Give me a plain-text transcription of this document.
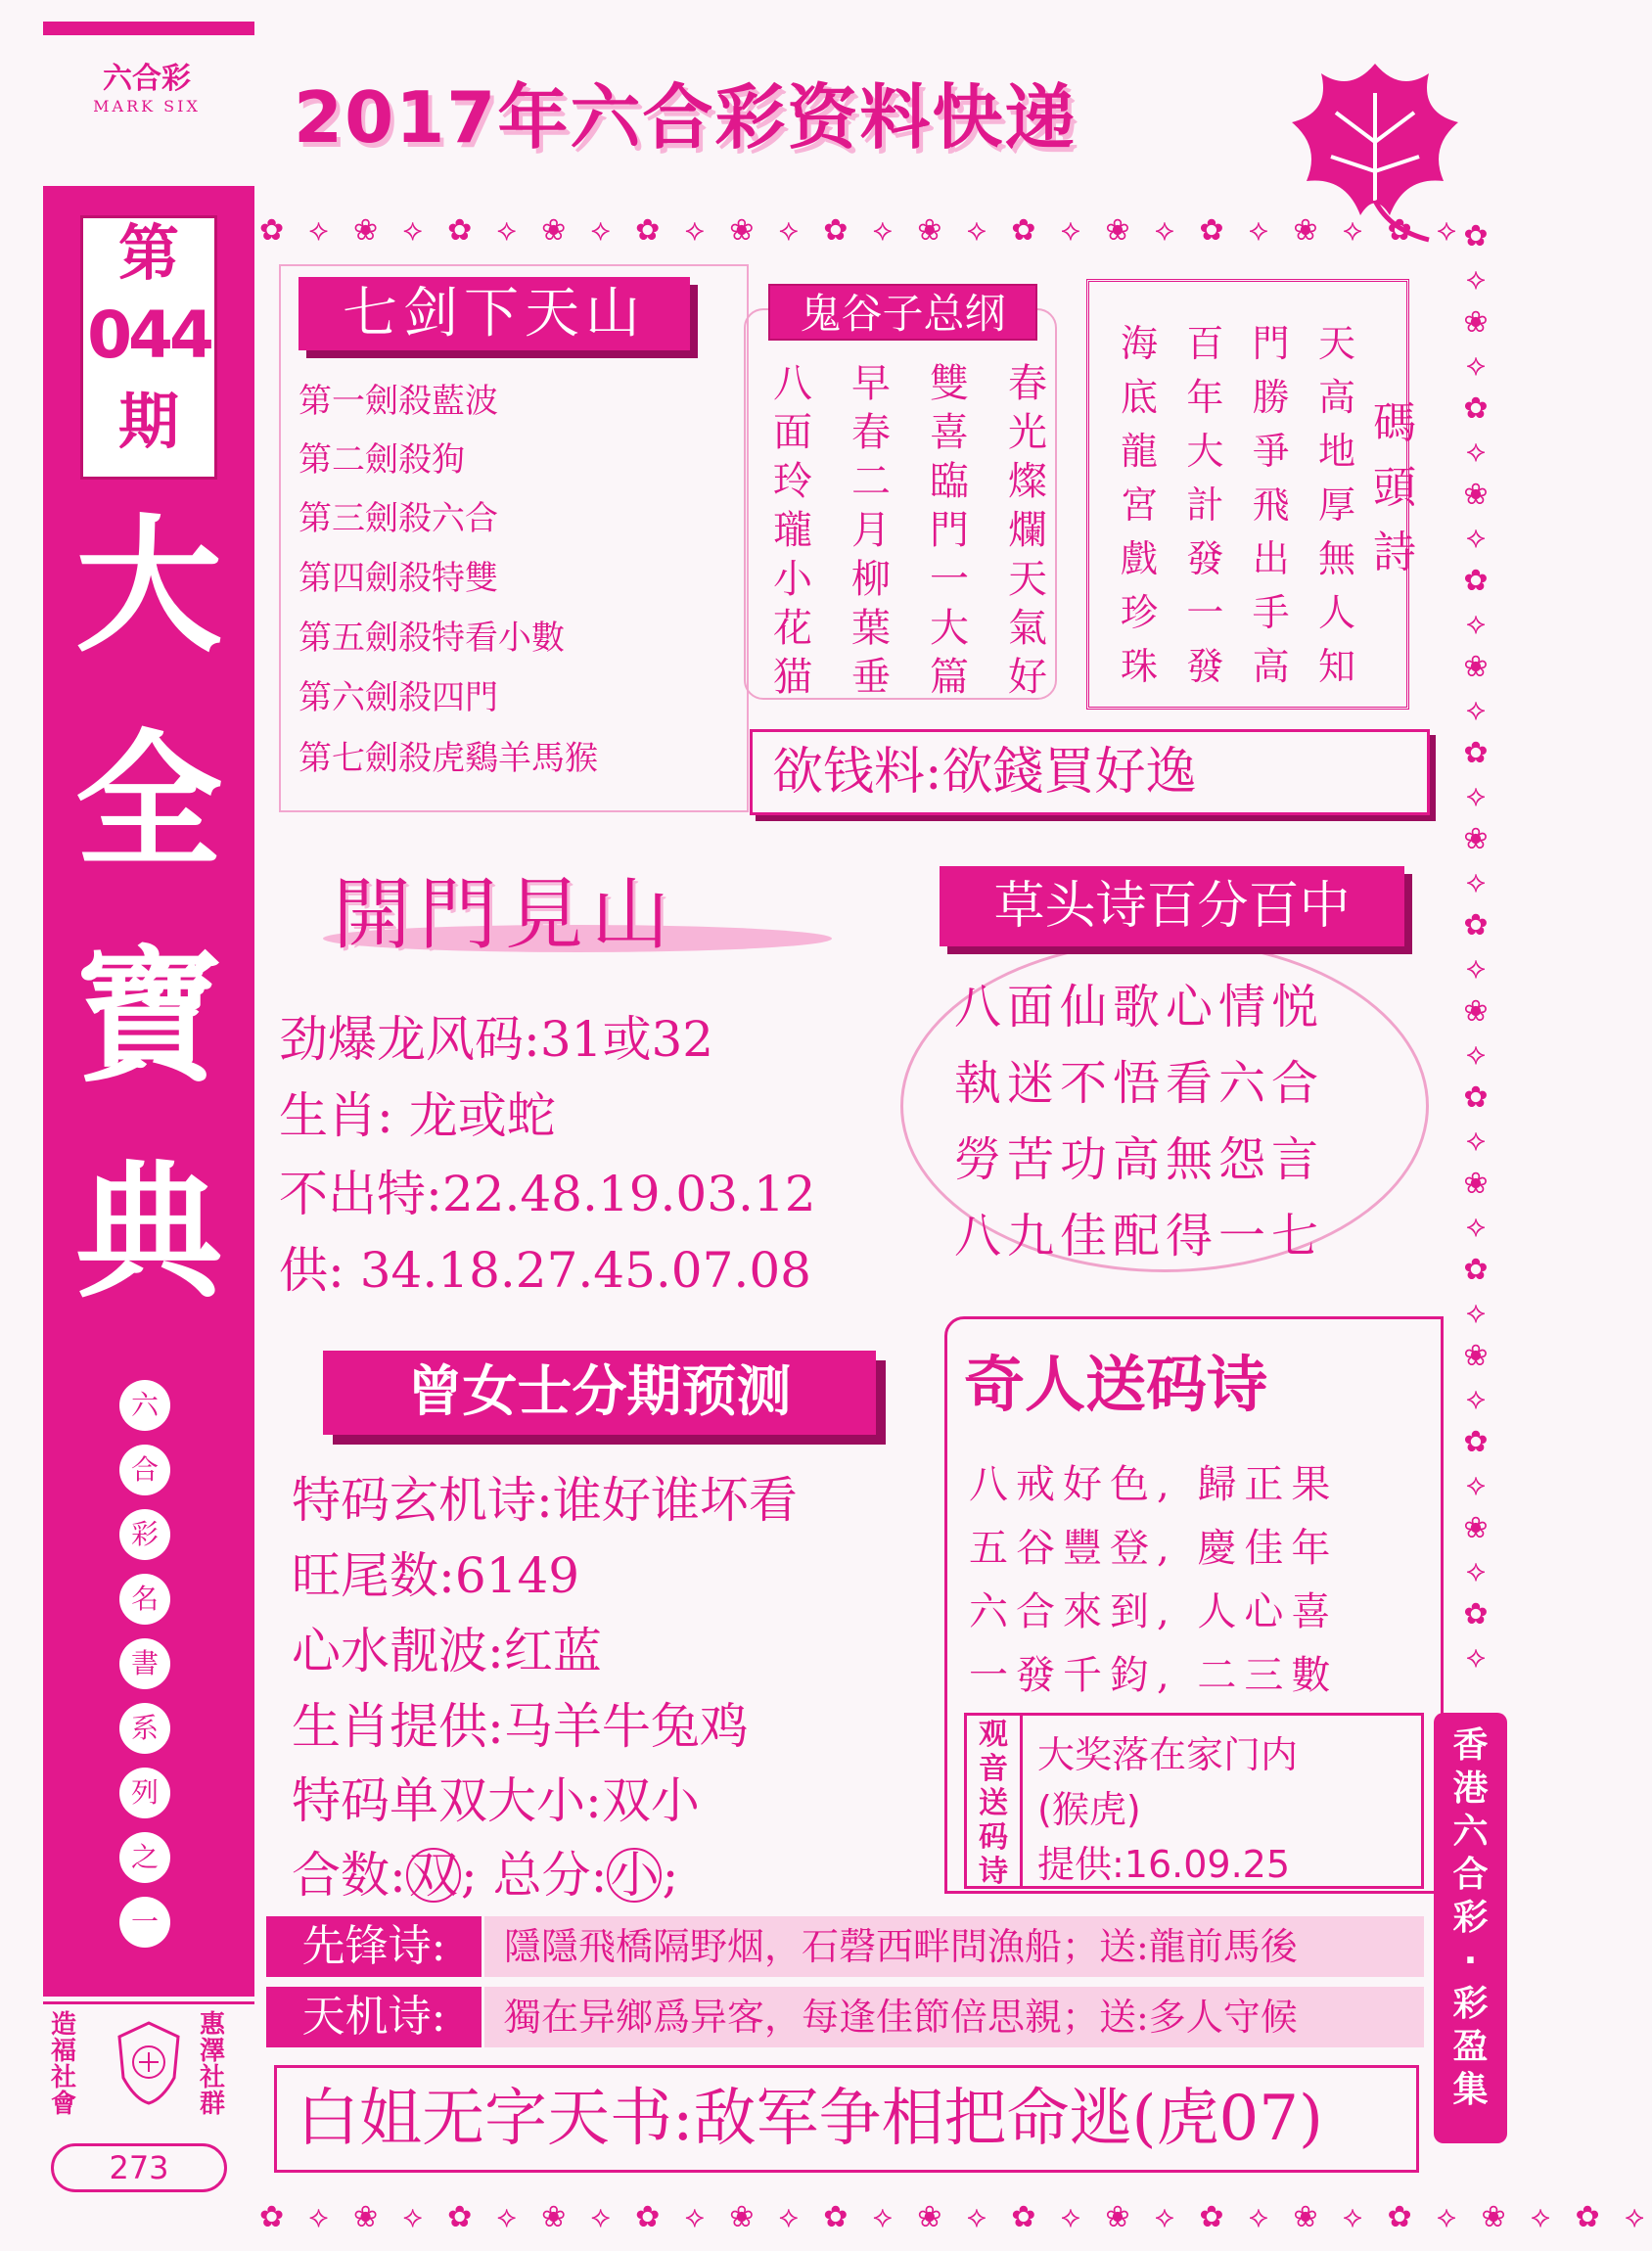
六合彩
MARK SIX
第
044
期
大
全
寶
典
六
合
彩
名
書
系
列
之
一
造
福
社
會
惠
澤
社
群
273
2017年六合彩资料快递
✿ ⟡ ❀ ⟡ ✿ ⟡ ❀ ⟡ ✿ ⟡ ❀ ⟡ ✿ ⟡ ❀ ⟡ ✿ ⟡ ❀ ⟡ ✿ ⟡ ❀ ⟡ ✿ ⟡ ✿
⟡
❀
⟡
✿
⟡
❀
⟡
✿
⟡
❀
⟡
✿
⟡
❀
⟡
✿
⟡
❀
⟡
✿
⟡
❀
⟡
✿
⟡
❀
⟡
✿
⟡
❀
⟡
✿
⟡
✿ ⟡ ❀ ⟡ ✿ ⟡ ❀ ⟡ ✿ ⟡ ❀ ⟡ ✿ ⟡ ❀ ⟡ ✿ ⟡ ❀ ⟡ ✿ ⟡ ❀ ⟡ ✿ ⟡ ❀ ⟡ ✿ ⟡
七剑下天山
第一劍殺藍波
第二劍殺狗
第三劍殺六合
第四劍殺特雙
第五劍殺特看小數
第六劍殺四門
第七劍殺虎鷄羊馬猴
鬼谷子总纲
八 早 雙 春
面 春 喜 光
玲 二 臨 燦
瓏 月 門 爛
小 柳 一 天
花 葉 大 氣
猫 垂 篇 好
海 百 門 天
底 年 勝 高
龍 大 爭 地
宮 計 飛 厚
戲 發 出 無
珍 一 手 人
珠 發 高 知
碼
頭
詩
欲钱料:欲錢買好逸
開門見山
劲爆龙风码:31或32
生肖: 龙或蛇
不出特:22.48.19.03.12
供: 34.18.27.45.07.08
草头诗百分百中
八面仙歌心情悦
執迷不悟看六合
勞苦功高無怨言
八九佳配得一七
奇人送码诗
八戒好色, 歸正果
五谷豐登, 慶佳年
六合來到, 人心喜
一發千鈞, 二三數
观音送码诗
大奖落在家门内
(猴虎)
提供:16.09.25
曾女士分期预测
特码玄机诗:谁好谁坏看
旺尾数:6149
心水靓波:红蓝
生肖提供:马羊牛兔鸡
特码单双大小:双小
合数:双; 总分:小;
先锋诗:	隱隱飛橋隔野烟，石磬西畔問漁船；送:龍前馬後
天机诗:	獨在异鄉爲异客，每逢佳節倍思親；送:多人守候
白姐无字天书:敌军争相把命逃(虎07)
香
港
六
合
彩
·
彩
盈
集
